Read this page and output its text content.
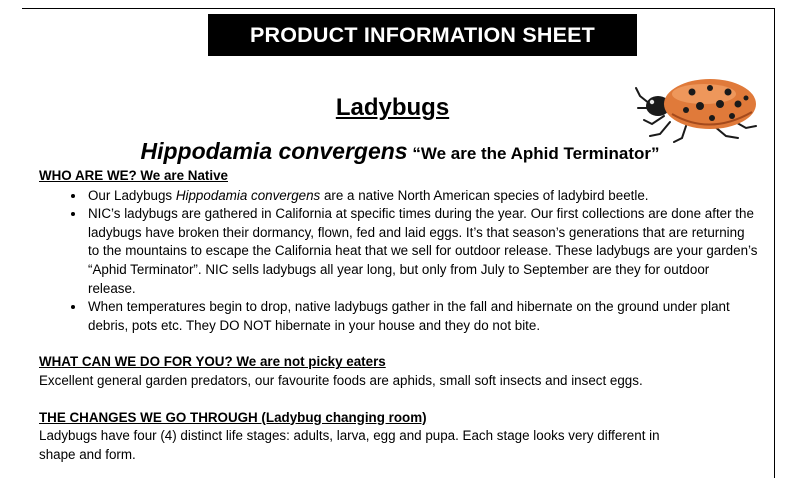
PRODUCT INFORMATION SHEET
Ladybugs
Hippodamia convergens “We are the Aphid Terminator”
WHO ARE WE? We are Native
• Our Ladybugs Hippodamia convergens are a native North American species of ladybird beetle.
• NIC’s ladybugs are gathered in California at specific times during the year. Our first collections are done after the ladybugs have broken their dormancy, flown, fed and laid eggs. It’s that season’s generations that are returning to the mountains to escape the California heat that we sell for outdoor release. These ladybugs are your garden’s “Aphid Terminator”. NIC sells ladybugs all year long, but only from July to September are they for outdoor release.
• When temperatures begin to drop, native ladybugs gather in the fall and hibernate on the ground under plant debris, pots etc. They DO NOT hibernate in your house and they do not bite.
WHAT CAN WE DO FOR YOU? We are not picky eaters
Excellent general garden predators, our favourite foods are aphids, small soft insects and insect eggs.
THE CHANGES WE GO THROUGH (Ladybug changing room)
Ladybugs have four (4) distinct life stages: adults, larva, egg and pupa. Each stage looks very different in shape and form.
